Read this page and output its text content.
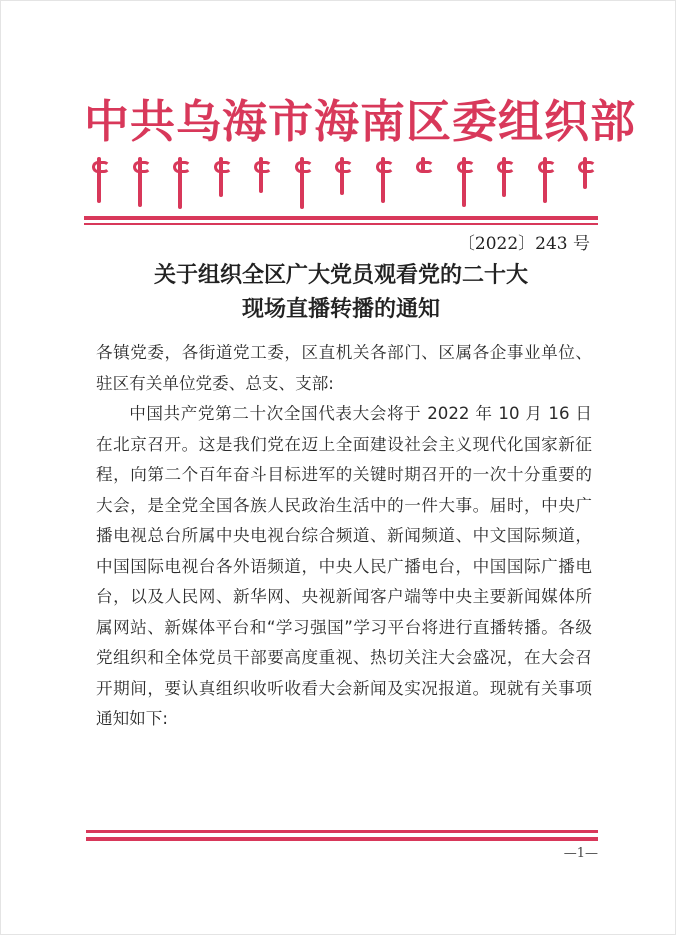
中共乌海市海南区委组织部
〔2022〕243 号
关于组织全区广大党员观看党的二十大
现场直播转播的通知

各镇党委，各街道党工委，区直机关各部门、区属各企事业单位、驻区有关单位党委、总支、支部:

中国共产党第二十次全国代表大会将于 2022 年 10 月 16 日在北京召开。这是我们党在迈上全面建设社会主义现代化国家新征程，向第二个百年奋斗目标进军的关键时期召开的一次十分重要的大会，是全党全国各族人民政治生活中的一件大事。届时，中央广播电视总台所属中央电视台综合频道、新闻频道、中文国际频道，中国国际电视台各外语频道，中央人民广播电台，中国国际广播电台，以及人民网、新华网、央视新闻客户端等中央主要新闻媒体所属网站、新媒体平台和“学习强国”学习平台将进行直播转播。各级党组织和全体党员干部要高度重视、热切关注大会盛况，在大会召开期间，要认真组织收听收看大会新闻及实况报道。现就有关事项通知如下:

—1—
